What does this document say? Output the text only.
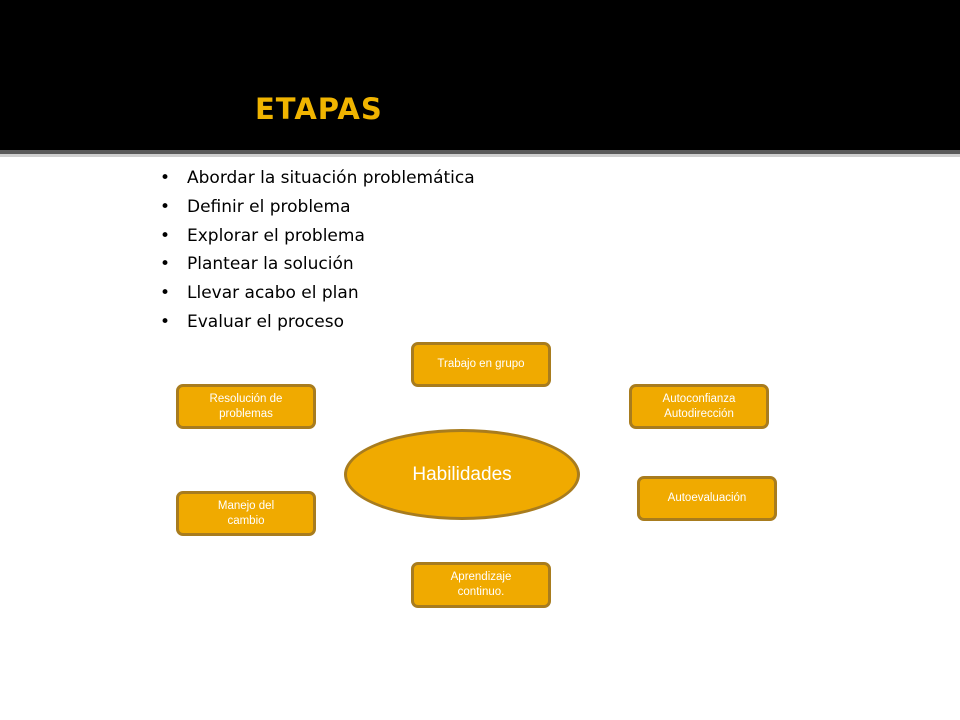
ETAPAS
• Abordar la situación problemática
• Definir el problema
• Explorar el problema
• Plantear la solución
• Llevar acabo el plan
• Evaluar el proceso
Trabajo en grupo
Resolución de
problemas
Autoconfianza
Autodirección
Habilidades
Manejo del
cambio
Autoevaluación
Aprendizaje
continuo.
